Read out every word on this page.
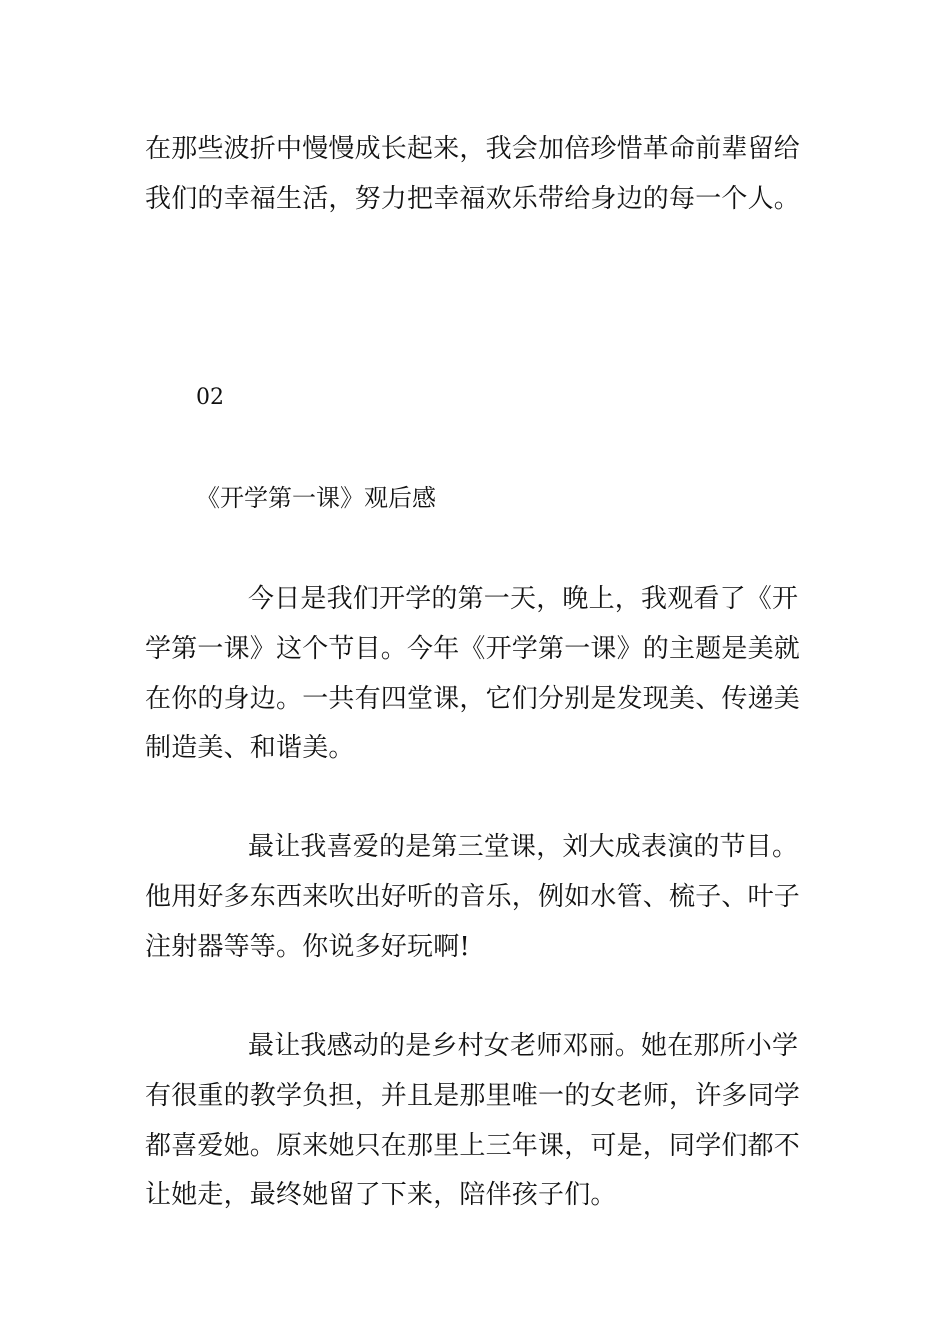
在那些波折中慢慢成长起来，我会加倍珍惜革命前辈留给
我们的幸福生活，努力把幸福欢乐带给身边的每一个人。
02
《开学第一课》观后感
今日是我们开学的第一天，晚上，我观看了《开
学第一课》这个节目。今年《开学第一课》的主题是美就
在你的身边。一共有四堂课，它们分别是发现美、传递美
制造美、和谐美。
最让我喜爱的是第三堂课，刘大成表演的节目。
他用好多东西来吹出好听的音乐，例如水管、梳子、叶子
注射器等等。你说多好玩啊!
最让我感动的是乡村女老师邓丽。她在那所小学
有很重的教学负担，并且是那里唯一的女老师，许多同学
都喜爱她。原来她只在那里上三年课，可是，同学们都不
让她走，最终她留了下来，陪伴孩子们。
